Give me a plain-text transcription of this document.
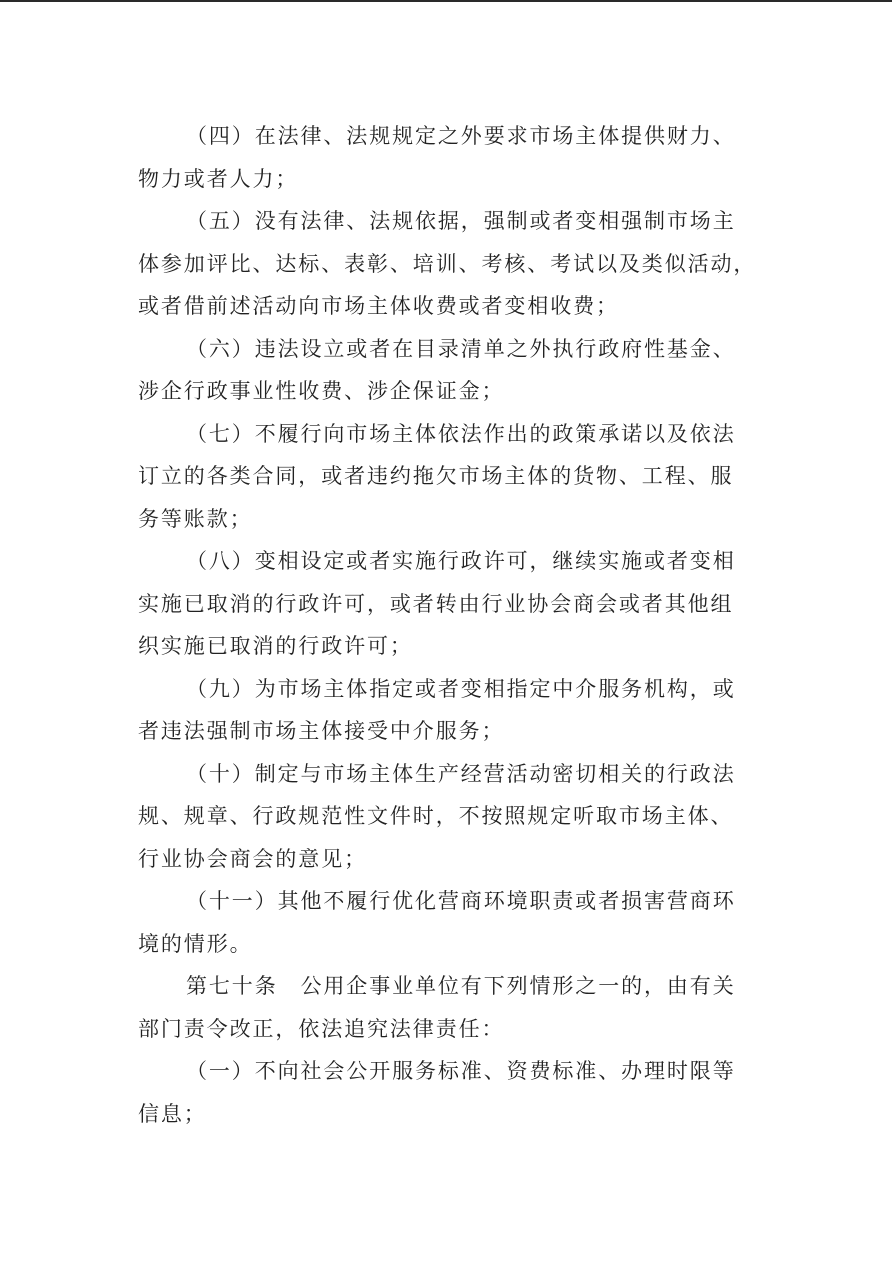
（四）在法律、法规规定之外要求市场主体提供财力、
物力或者人力；
（五）没有法律、法规依据，强制或者变相强制市场主
体参加评比、达标、表彰、培训、考核、考试以及类似活动，
或者借前述活动向市场主体收费或者变相收费；
（六）违法设立或者在目录清单之外执行政府性基金、
涉企行政事业性收费、涉企保证金；
（七）不履行向市场主体依法作出的政策承诺以及依法
订立的各类合同，或者违约拖欠市场主体的货物、工程、服
务等账款；
（八）变相设定或者实施行政许可，继续实施或者变相
实施已取消的行政许可，或者转由行业协会商会或者其他组
织实施已取消的行政许可；
（九）为市场主体指定或者变相指定中介服务机构，或
者违法强制市场主体接受中介服务；
（十）制定与市场主体生产经营活动密切相关的行政法
规、规章、行政规范性文件时，不按照规定听取市场主体、
行业协会商会的意见；
（十一）其他不履行优化营商环境职责或者损害营商环
境的情形。
第七十条　公用企事业单位有下列情形之一的，由有关
部门责令改正，依法追究法律责任：
（一）不向社会公开服务标准、资费标准、办理时限等
信息；
